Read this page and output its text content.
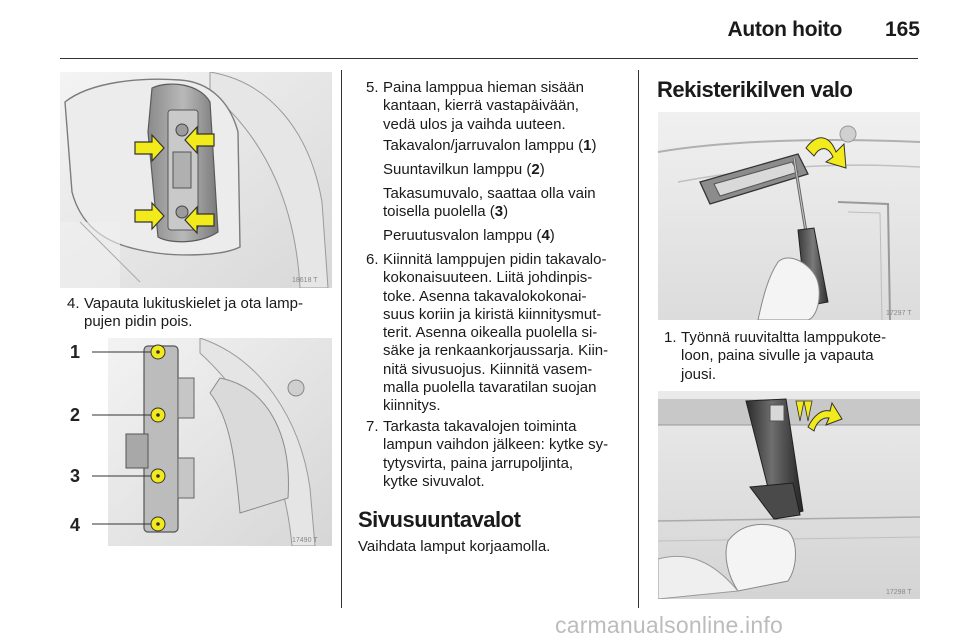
Auton hoito 165
18618 T
4. Vapauta lukituskielet ja ota lamp-
pujen pidin pois.
1
2
3
4
17490 T
5. Paina lamppua hieman sisään
kantaan, kierrä vastapäivään,
vedä ulos ja vaihda uuteen.
Takavalon/jarruvalon lamppu (1)
Suuntavilkun lamppu (2)
Takasumuvalo, saattaa olla vain
toisella puolella (3)
Peruutusvalon lamppu (4)
6. Kiinnitä lamppujen pidin takavalo-
kokonaisuuteen. Liitä johdinpis-
toke. Asenna takavalokokonai-
suus koriin ja kiristä kiinnitysmut-
terit. Asenna oikealla puolella si-
säke ja renkaankorjaussarja. Kiin-
nitä sivusuojus. Kiinnitä vasem-
malla puolella tavaratilan suojan
kiinnitys.
7. Tarkasta takavalojen toiminta
lampun vaihdon jälkeen: kytke sy-
tytysvirta, paina jarrupoljinta,
kytke sivuvalot.
Sivusuuntavalot
Vaihdata lamput korjaamolla.
Rekisterikilven valo
17297 T
1. Työnnä ruuvitaltta lamppukote-
loon, paina sivulle ja vapauta
jousi.
17298 T
carmanualsonline.info
